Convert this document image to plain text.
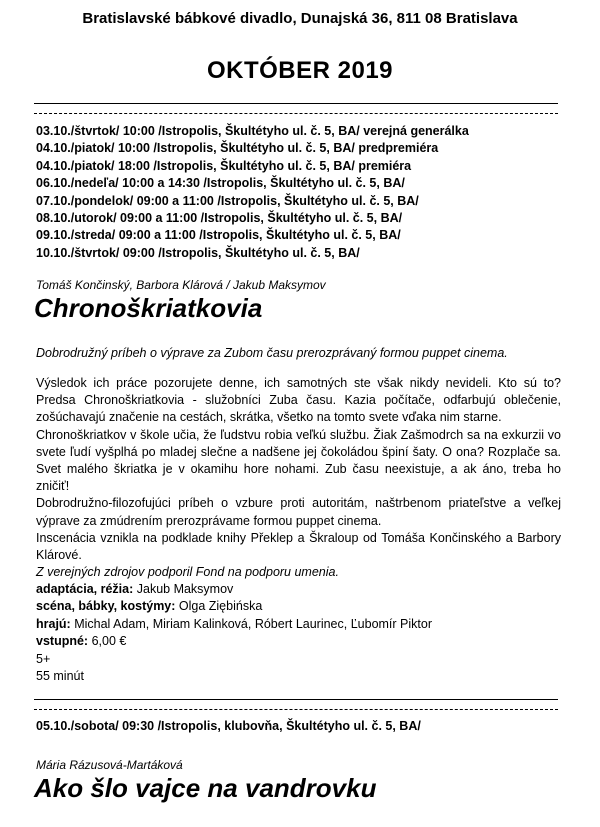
Bratislavské bábkové divadlo, Dunajská 36, 811 08 Bratislava
OKTÓBER 2019
03.10./štvrtok/ 10:00 /Istropolis, Škultétyho ul. č. 5, BA/ verejná generálka
04.10./piatok/ 10:00 /Istropolis, Škultétyho ul. č. 5, BA/ predpremiéra
04.10./piatok/ 18:00 /Istropolis, Škultétyho ul. č. 5, BA/ premiéra
06.10./nedeľa/ 10:00 a 14:30 /Istropolis, Škultétyho ul. č. 5, BA/
07.10./pondelok/ 09:00 a 11:00 /Istropolis, Škultétyho ul. č. 5, BA/
08.10./utorok/ 09:00 a 11:00 /Istropolis, Škultétyho ul. č. 5, BA/
09.10./streda/ 09:00 a 11:00 /Istropolis, Škultétyho ul. č. 5, BA/
10.10./štvrtok/ 09:00 /Istropolis, Škultétyho ul. č. 5, BA/
Tomáš Končinský, Barbora Klárová / Jakub Maksymov
Chronoškriatkovia
Dobrodružný príbeh o výprave za Zubom času prerozprávaný formou puppet cinema.

Výsledok ich práce pozorujete denne, ich samotných ste však nikdy nevideli. Kto sú to? Predsa Chronoškriatkovia - služobníci Zuba času. Kazia počítače, odfarbujú oblečenie, zošúchavajú značenie na cestách, skrátka, všetko na tomto svete vďaka nim starne.

Chronoškriatkov v škole učia, že ľudstvu robia veľkú službu. Žiak Zašmodrch sa na exkurzii vo svete ľudí vyšplhá po mladej slečne a nadšene jej čokoládou špiní šaty. O ona? Rozplače sa. Svet malého škriatka je v okamihu hore nohami. Zub času neexistuje, a ak áno, treba ho zničiť!

Dobrodružno-filozofujúci príbeh o vzbure proti autoritám, naštrbenom priateľstve a veľkej výprave za zmúdrením prerozprávame formou puppet cinema.

Inscenácia vznikla na podklade knihy Překlep a Škraloup od Tomáša Končinského a Barbory Klárové.

Z verejných zdrojov podporil Fond na podporu umenia.

adaptácia, réžia: Jakub Maksymov
scéna, bábky, kostýmy: Olga Ziębińska
hrajú: Michal Adam, Miriam Kalinková, Róbert Laurinec, Ľubomír Piktor
vstupné: 6,00 €
5+
55 minút
05.10./sobota/ 09:30 /Istropolis, klubovňa, Škultétyho ul. č. 5, BA/
Mária Rázusová-Martáková
Ako šlo vajce na vandrovku
